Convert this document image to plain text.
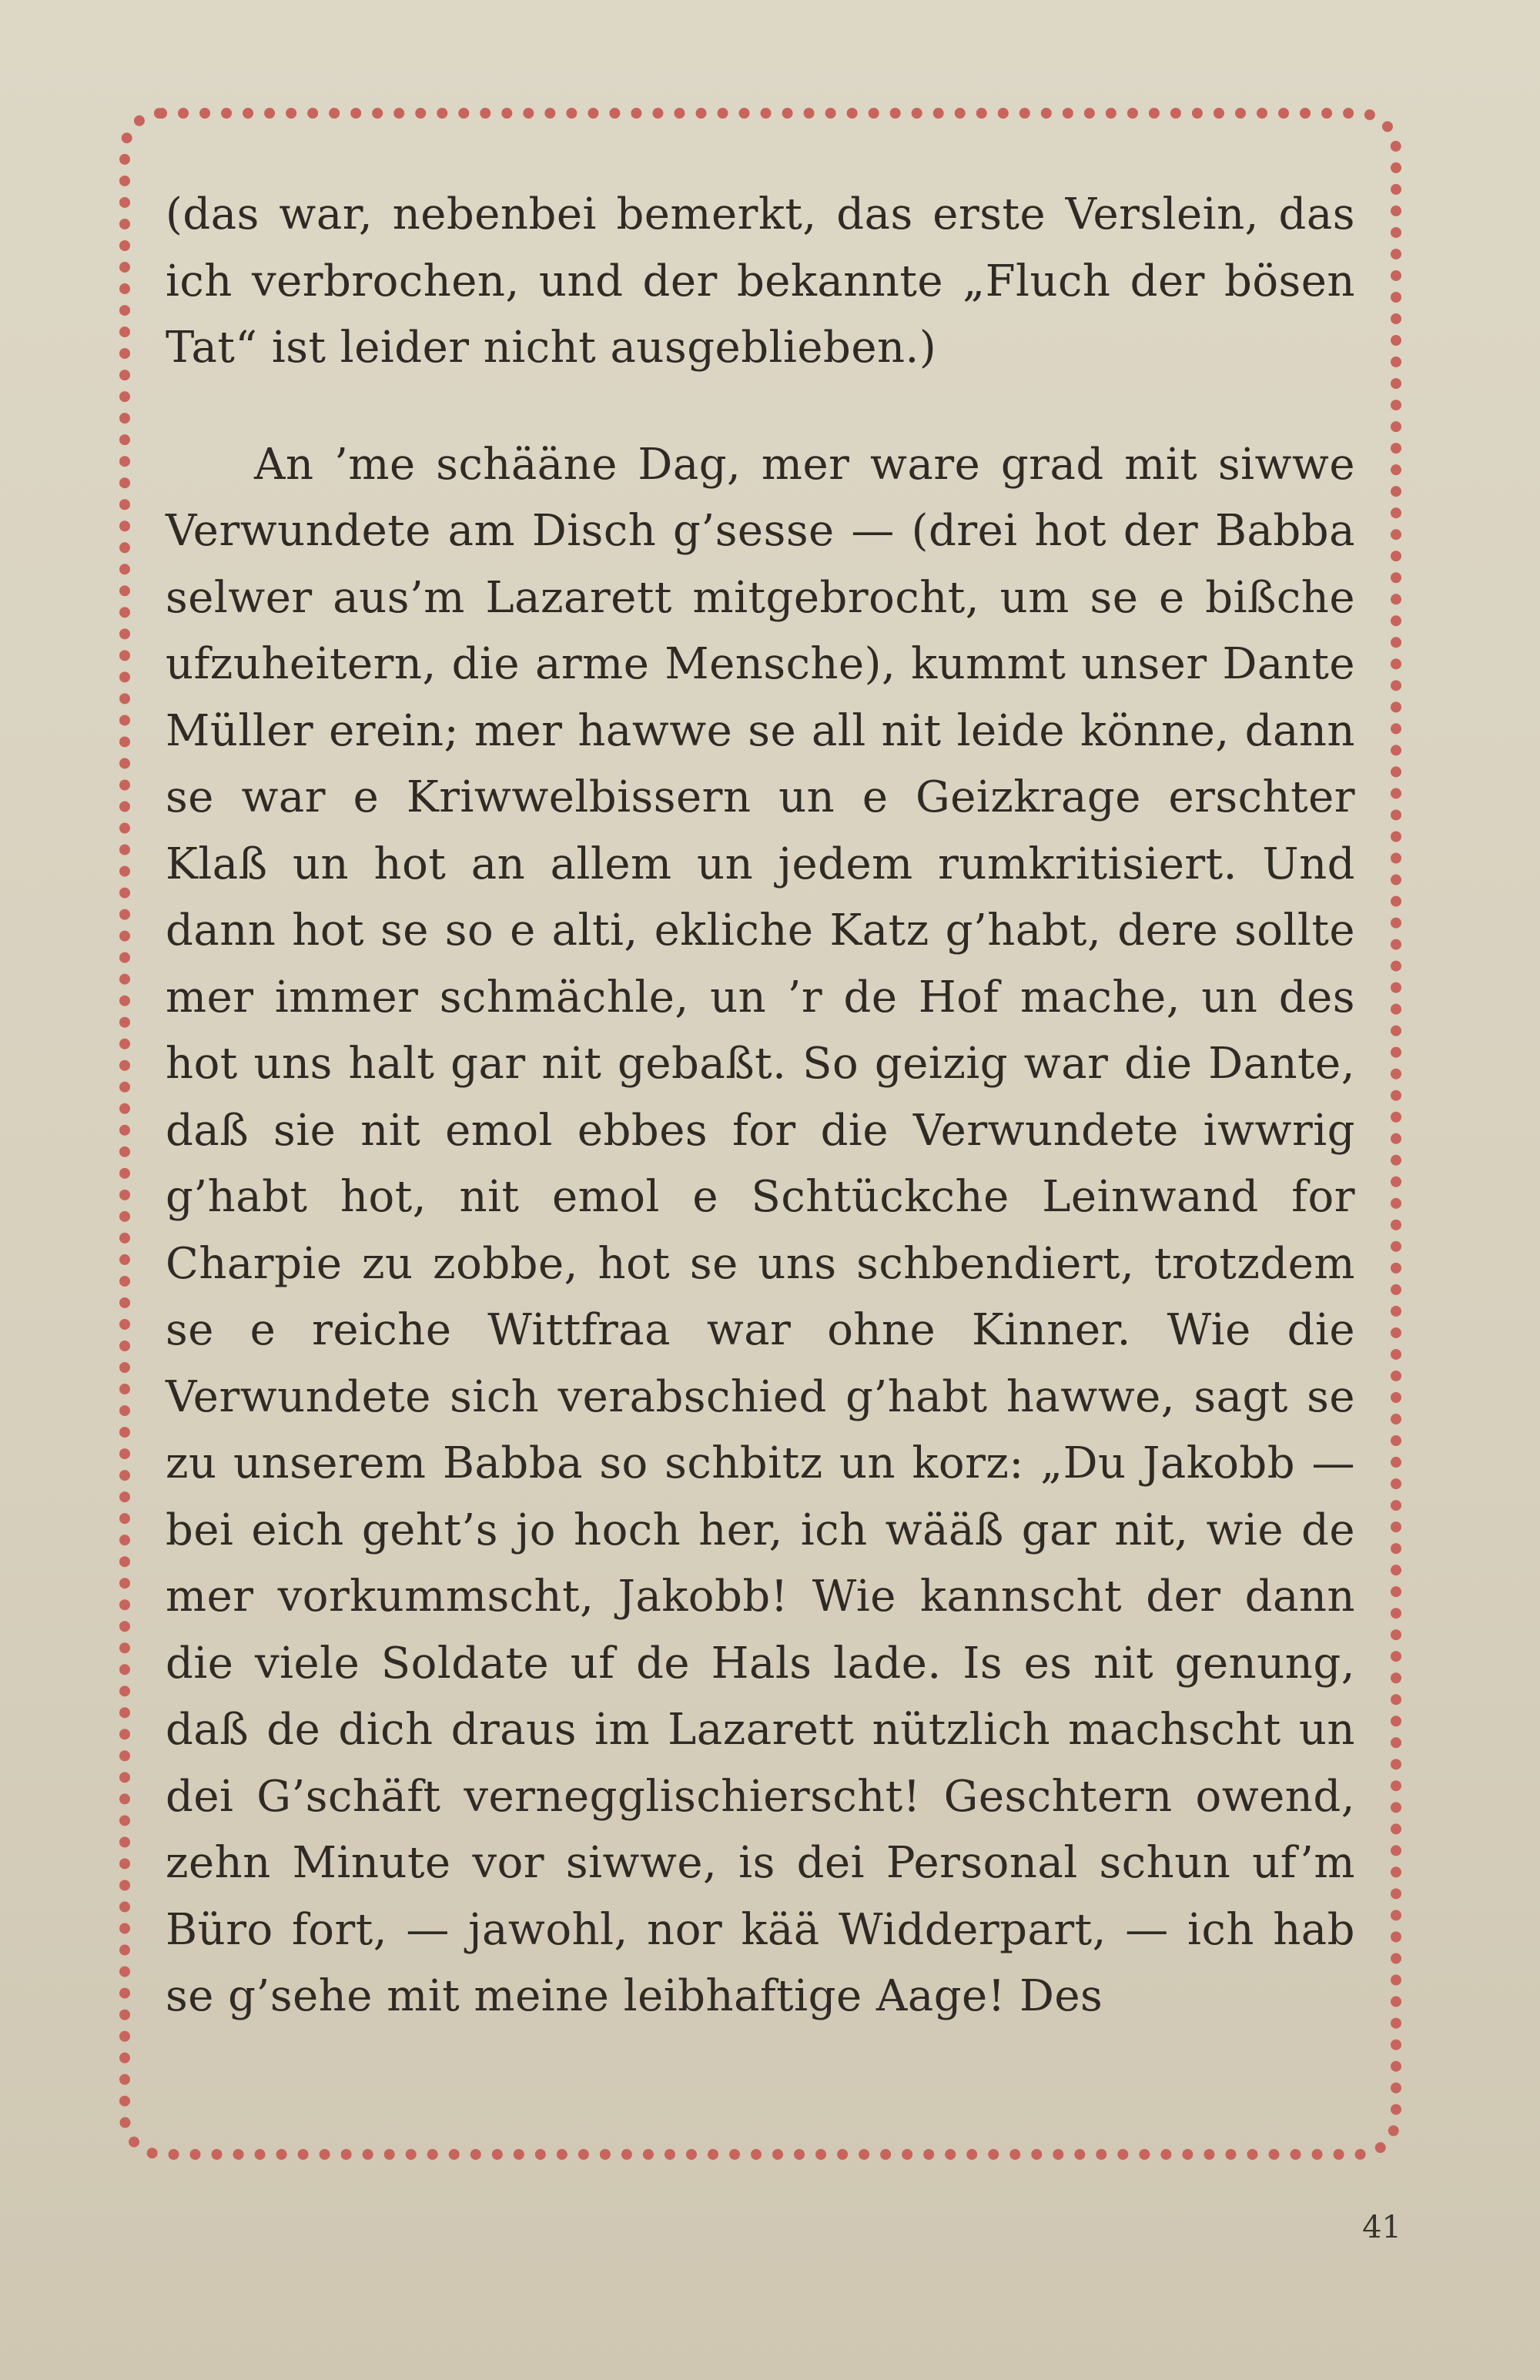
(das war, nebenbei bemerkt, das erste Verslein, das ich verbrochen, und der bekannte „Fluch der bösen Tat“ ist leider nicht ausgeblieben.)

An ’me schääne Dag, mer ware grad mit siwwe Verwundete am Disch g’sesse — (drei hot der Babba selwer aus’m Lazarett mitgebrocht, um se e bißche ufzuheitern, die arme Mensche), kummt unser Dante Müller erein; mer hawwe se all nit leide könne, dann se war e Kriwwelbissern un e Geizkrage erschter Klaß un hot an allem un jedem rumkritisiert. Und dann hot se so e alti, ekliche Katz g’habt, dere sollte mer immer schmächle, un ’r de Hof mache, un des hot uns halt gar nit gebaßt. So geizig war die Dante, daß sie nit emol ebbes for die Verwundete iwwrig g’habt hot, nit emol e Schtückche Leinwand for Charpie zu zobbe, hot se uns schbendiert, trotzdem se e reiche Wittfraa war ohne Kinner. Wie die Verwundete sich verabschied g’habt hawwe, sagt se zu unserem Babba so schbitz un korz: „Du Jakobb — bei eich geht’s jo hoch her, ich wääß gar nit, wie de mer vorkummscht, Jakobb! Wie kannscht der dann die viele Soldate uf de Hals lade. Is es nit genung, daß de dich draus im Lazarett nützlich machscht un dei G’schäft vernegglischierscht! Geschtern owend, zehn Minute vor siwwe, is dei Personal schun uf’m Büro fort, — jawohl, nor kää Widderpart, — ich hab se g’sehe mit meine leibhaftige Aage! Des

41
